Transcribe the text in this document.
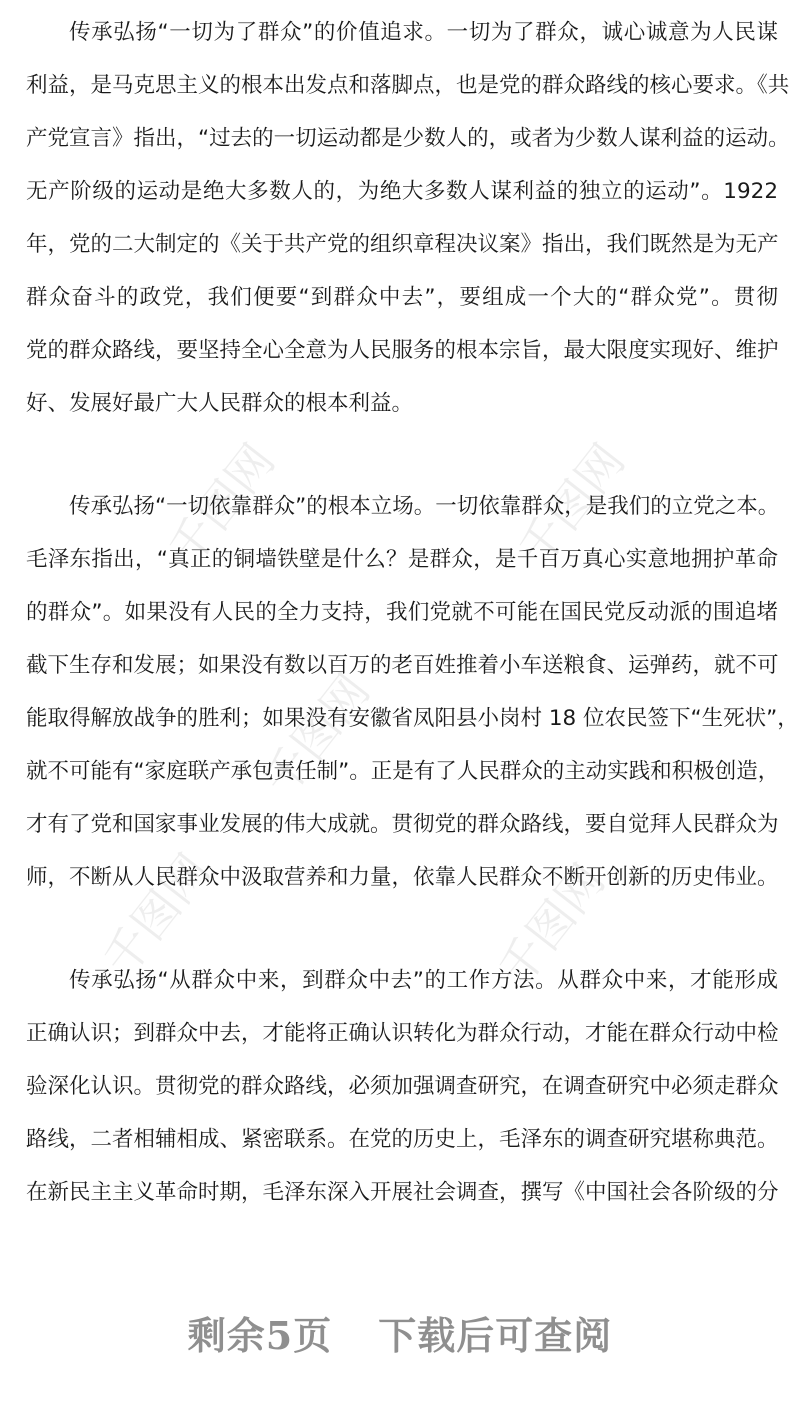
千图网	千图网
千图网
千图网	千图网
传承弘扬“一切为了群众”的价值追求。一切为了群众，诚心诚意为人民谋
利益，是马克思主义的根本出发点和落脚点，也是党的群众路线的核心要求。《共
产党宣言》指出，“过去的一切运动都是少数人的，或者为少数人谋利益的运动。
无产阶级的运动是绝大多数人的，为绝大多数人谋利益的独立的运动”。1922
年，党的二大制定的《关于共产党的组织章程决议案》指出，我们既然是为无产
群众奋斗的政党，我们便要“到群众中去”，要组成一个大的“群众党”。贯彻
党的群众路线，要坚持全心全意为人民服务的根本宗旨，最大限度实现好、维护
好、发展好最广大人民群众的根本利益。
传承弘扬“一切依靠群众”的根本立场。一切依靠群众，是我们的立党之本。
毛泽东指出，“真正的铜墙铁壁是什么？是群众，是千百万真心实意地拥护革命
的群众”。如果没有人民的全力支持，我们党就不可能在国民党反动派的围追堵
截下生存和发展；如果没有数以百万的老百姓推着小车送粮食、运弹药，就不可
能取得解放战争的胜利；如果没有安徽省凤阳县小岗村 18 位农民签下“生死状”，
就不可能有“家庭联产承包责任制”。正是有了人民群众的主动实践和积极创造，
才有了党和国家事业发展的伟大成就。贯彻党的群众路线，要自觉拜人民群众为
师，不断从人民群众中汲取营养和力量，依靠人民群众不断开创新的历史伟业。
传承弘扬“从群众中来，到群众中去”的工作方法。从群众中来，才能形成
正确认识；到群众中去，才能将正确认识转化为群众行动，才能在群众行动中检
验深化认识。贯彻党的群众路线，必须加强调查研究，在调查研究中必须走群众
路线，二者相辅相成、紧密联系。在党的历史上，毛泽东的调查研究堪称典范。
在新民主主义革命时期，毛泽东深入开展社会调查，撰写《中国社会各阶级的分
剩余5页 下载后可查阅
